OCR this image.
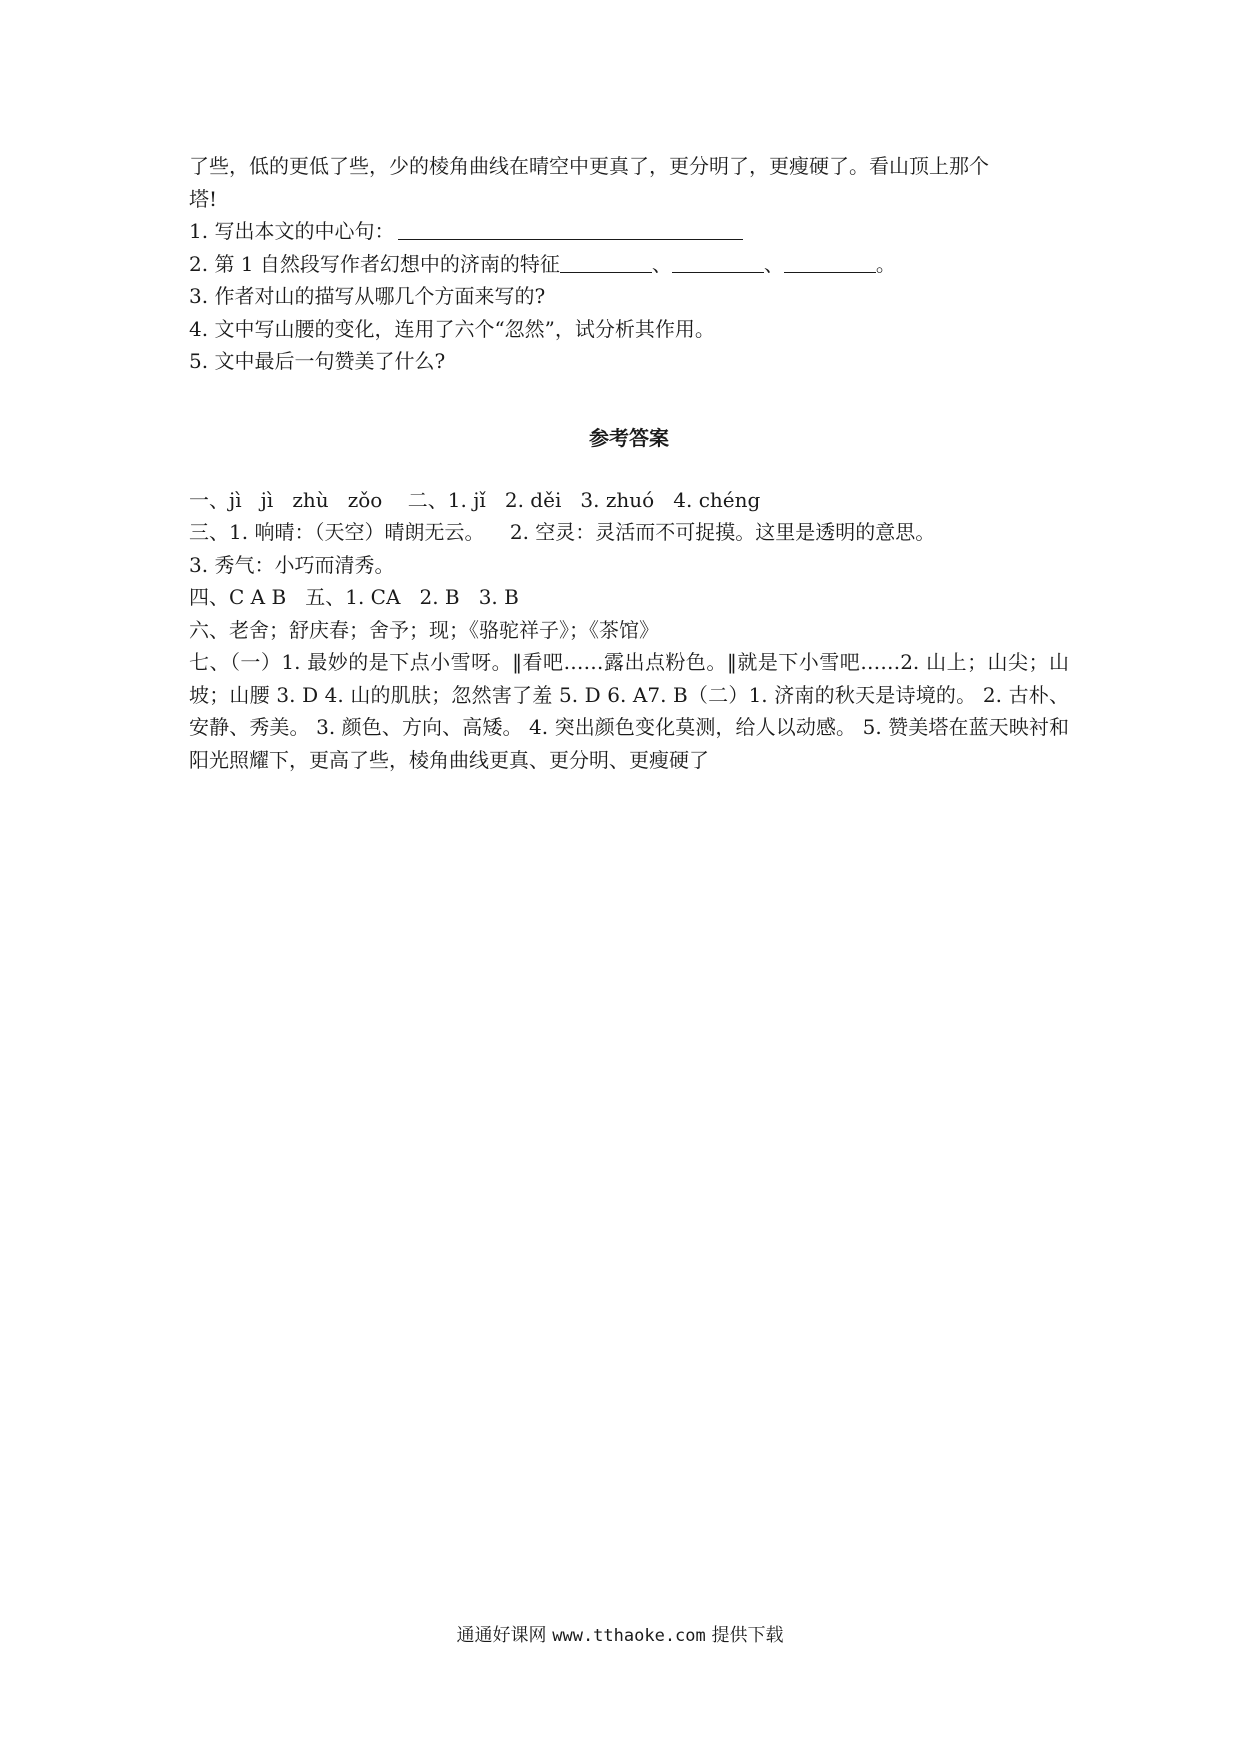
了些，低的更低了些，少的棱角曲线在晴空中更真了，更分明了，更瘦硬了。看山顶上那个
塔!
1. 写出本文的中心句：
2. 第 1 自然段写作者幻想中的济南的特征	、	、	。
3. 作者对山的描写从哪几个方面来写的?
4. 文中写山腰的变化，连用了六个“忽然”，试分析其作用。
5. 文中最后一句赞美了什么?
参考答案
一、jì   jì   zhù   zǒo    二、1. jǐ   2. děi   3. zhuó   4. chéng
三、1. 响晴：（天空）晴朗无云。    2. 空灵：灵活而不可捉摸。这里是透明的意思。
3. 秀气：小巧而清秀。
四、C A B   五、1. CA   2. B   3. B
六、老舍；舒庆春；舍予；现；《骆驼祥子》；《茶馆》
七、（一）1. 最妙的是下点小雪呀。‖看吧……露出点粉色。‖就是下小雪吧……2. 山上；山尖；山坡；山腰 3. D 4. 山的肌肤；忽然害了羞 5. D 6. A7. B（二）1. 济南的秋天是诗境的。 2. 古朴、安静、秀美。 3. 颜色、方向、高矮。 4. 突出颜色变化莫测，给人以动感。 5. 赞美塔在蓝天映衬和阳光照耀下，更高了些，棱角曲线更真、更分明、更瘦硬了
通通好课网 www.tthaoke.com 提供下载
